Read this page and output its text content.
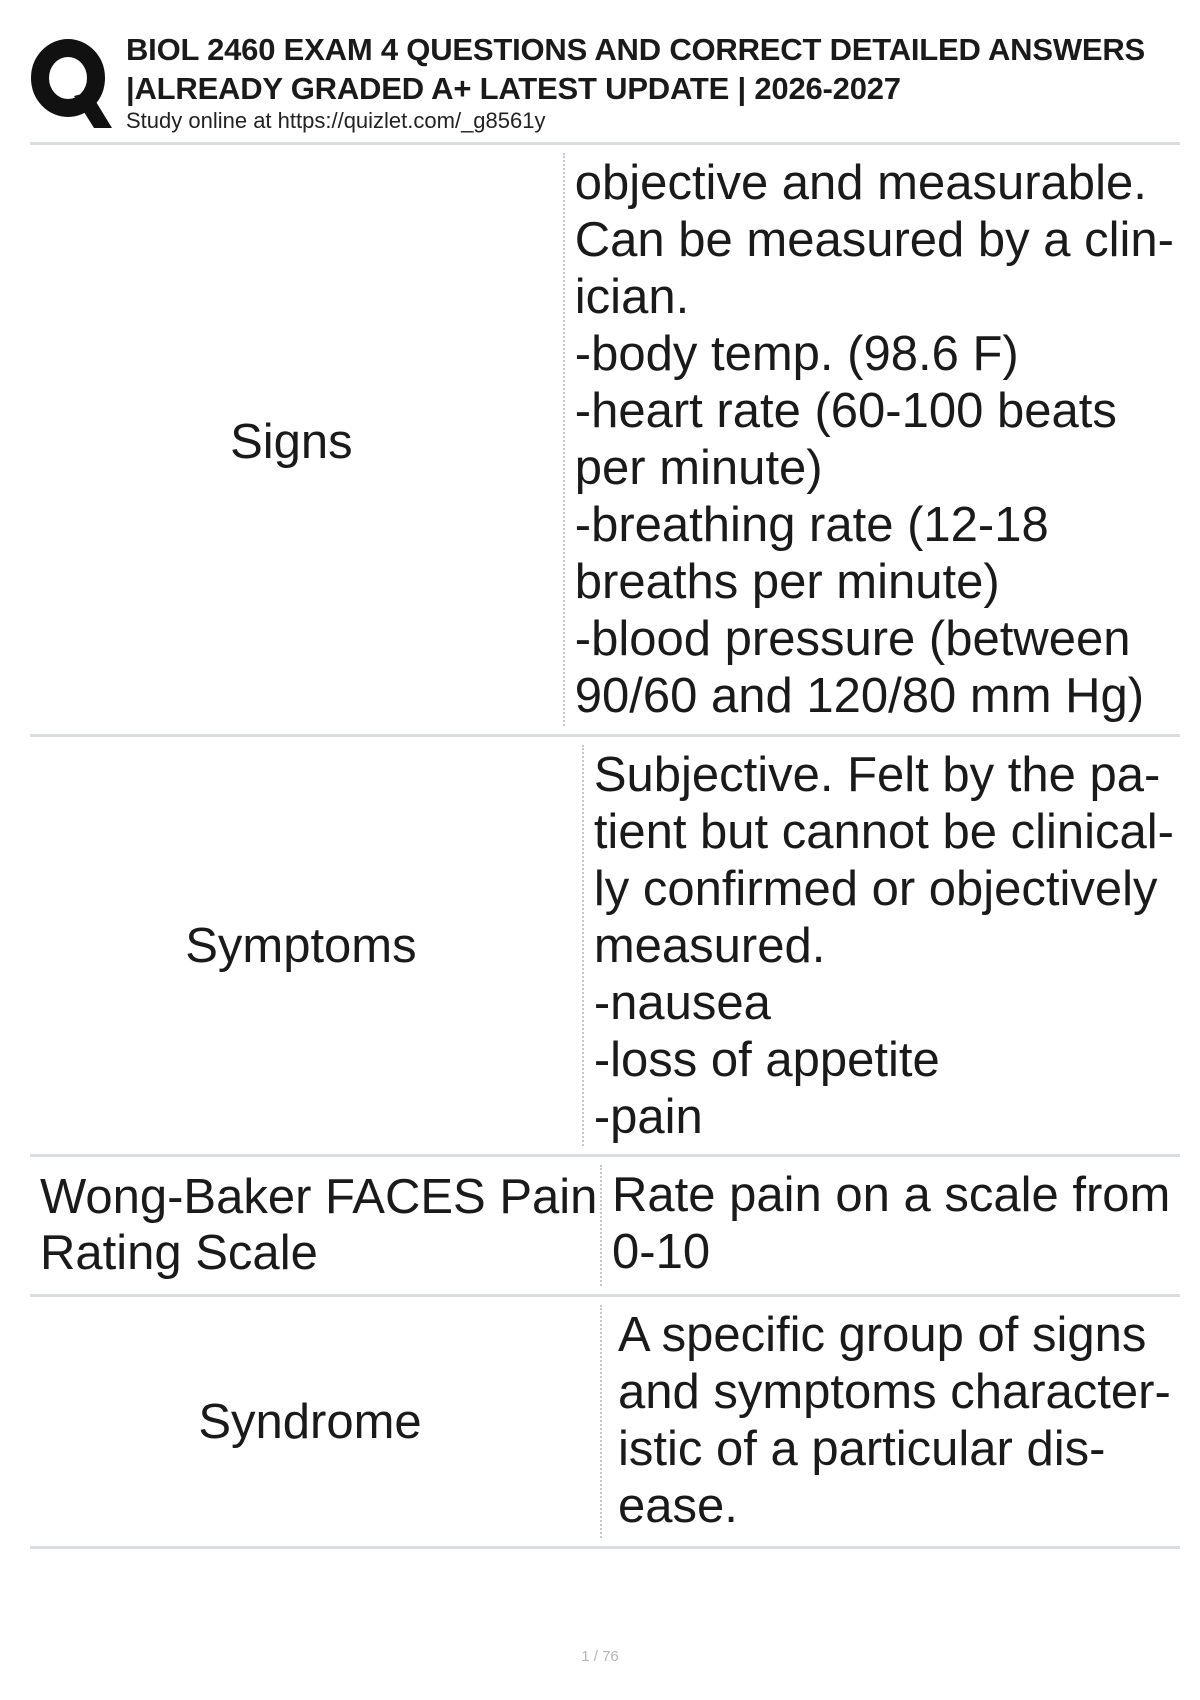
BIOL 2460 EXAM 4 QUESTIONS AND CORRECT DETAILED ANSWERS
|ALREADY GRADED A+ LATEST UPDATE | 2026-2027
Study online at https://quizlet.com/_g8561y
Signs
objective and measurable.
Can be measured by a clin-
ician.
-body temp. (98.6 F)
-heart rate (60-100 beats
per minute)
-breathing rate (12-18
breaths per minute)
-blood pressure (between
90/60 and 120/80 mm Hg)
Symptoms
Subjective. Felt by the pa-
tient but cannot be clinical-
ly confirmed or objectively
measured.
-nausea
-loss of appetite
-pain
Wong-Baker FACES Pain
Rating Scale
Rate pain on a scale from
0-10
Syndrome
A specific group of signs
and symptoms character-
istic of a particular dis-
ease.
1 / 76
